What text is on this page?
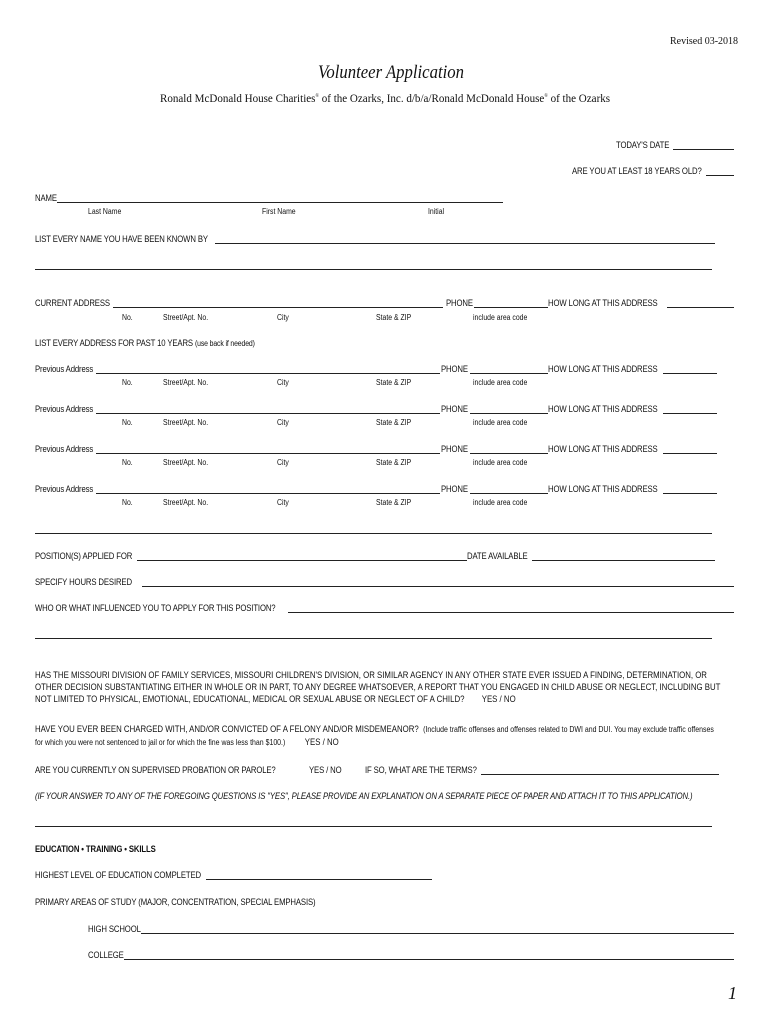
Revised 03-2018
Volunteer Application
Ronald McDonald House Charities® of the Ozarks, Inc. d/b/a/Ronald McDonald House® of the Ozarks
TODAY'S DATE
ARE YOU AT LEAST 18 YEARS OLD?
NAME
Last Name	First Name	Initial
LIST EVERY NAME YOU HAVE BEEN KNOWN BY
CURRENT ADDRESS	PHONE	HOW LONG AT THIS ADDRESS
No.	Street/Apt. No.	City	State & ZIP	include area code
LIST EVERY ADDRESS FOR PAST 10 YEARS (use back if needed)
Previous Address	PHONE	HOW LONG AT THIS ADDRESS
No.	Street/Apt. No.	City	State & ZIP	include area code
Previous Address	PHONE	HOW LONG AT THIS ADDRESS
No.	Street/Apt. No.	City	State & ZIP	include area code
Previous Address	PHONE	HOW LONG AT THIS ADDRESS
No.	Street/Apt. No.	City	State & ZIP	include area code
Previous Address	PHONE	HOW LONG AT THIS ADDRESS
No.	Street/Apt. No.	City	State & ZIP	include area code
POSITION(S) APPLIED FOR	DATE AVAILABLE
SPECIFY HOURS DESIRED
WHO OR WHAT INFLUENCED YOU TO APPLY FOR THIS POSITION?
HAS THE MISSOURI DIVISION OF FAMILY SERVICES, MISSOURI CHILDREN'S DIVISION, OR SIMILAR AGENCY IN ANY OTHER STATE EVER ISSUED A FINDING, DETERMINATION, OR OTHER DECISION SUBSTANTIATING EITHER IN WHOLE OR IN PART, TO ANY DEGREE WHATSOEVER, A REPORT THAT YOU ENGAGED IN CHILD ABUSE OR NEGLECT, INCLUDING BUT NOT LIMITED TO PHYSICAL, EMOTIONAL, EDUCATIONAL, MEDICAL OR SEXUAL ABUSE OR NEGLECT OF A CHILD? YES / NO
HAVE YOU EVER BEEN CHARGED WITH, AND/OR CONVICTED OF A FELONY AND/OR MISDEMEANOR? (Include traffic offenses and offenses related to DWI and DUI. You may exclude traffic offenses for which you were not sentenced to jail or for which the fine was less than $100.) YES / NO
ARE YOU CURRENTLY ON SUPERVISED PROBATION OR PAROLE?	YES / NO	IF SO, WHAT ARE THE TERMS?
(IF YOUR ANSWER TO ANY OF THE FOREGOING QUESTIONS IS "YES", PLEASE PROVIDE AN EXPLANATION ON A SEPARATE PIECE OF PAPER AND ATTACH IT TO THIS APPLICATION.)
EDUCATION • TRAINING • SKILLS
HIGHEST LEVEL OF EDUCATION COMPLETED
PRIMARY AREAS OF STUDY (MAJOR, CONCENTRATION, SPECIAL EMPHASIS)
HIGH SCHOOL
COLLEGE
1
